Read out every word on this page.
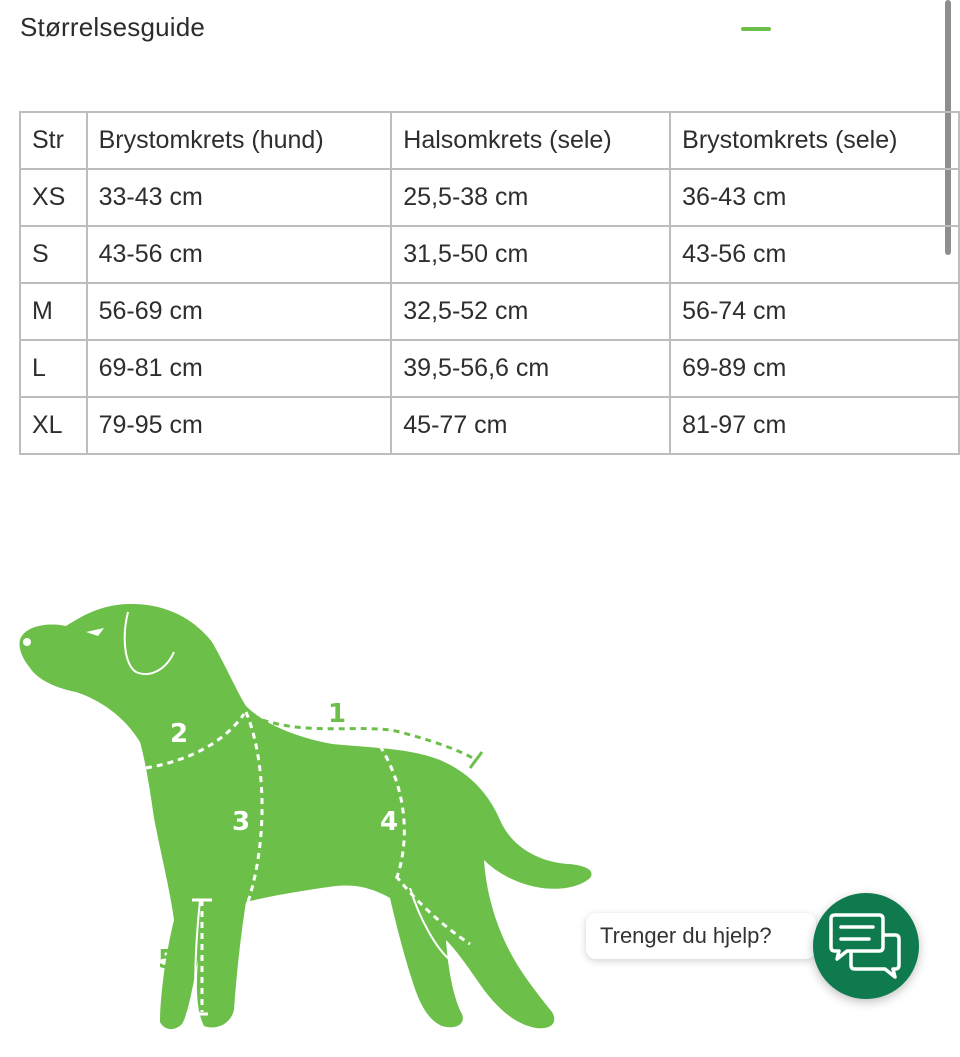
Størrelsesguide
Str	Brystomkrets (hund)	Halsomkrets (sele)	Brystomkrets (sele)
XS	33-43 cm	25,5-38 cm	36-43 cm
S	43-56 cm	31,5-50 cm	43-56 cm
M	56-69 cm	32,5-52 cm	56-74 cm
L	69-81 cm	39,5-56,6 cm	69-89 cm
XL	79-95 cm	45-77 cm	81-97 cm
1
2
3	4
5
6	Trenger du hjelp?
